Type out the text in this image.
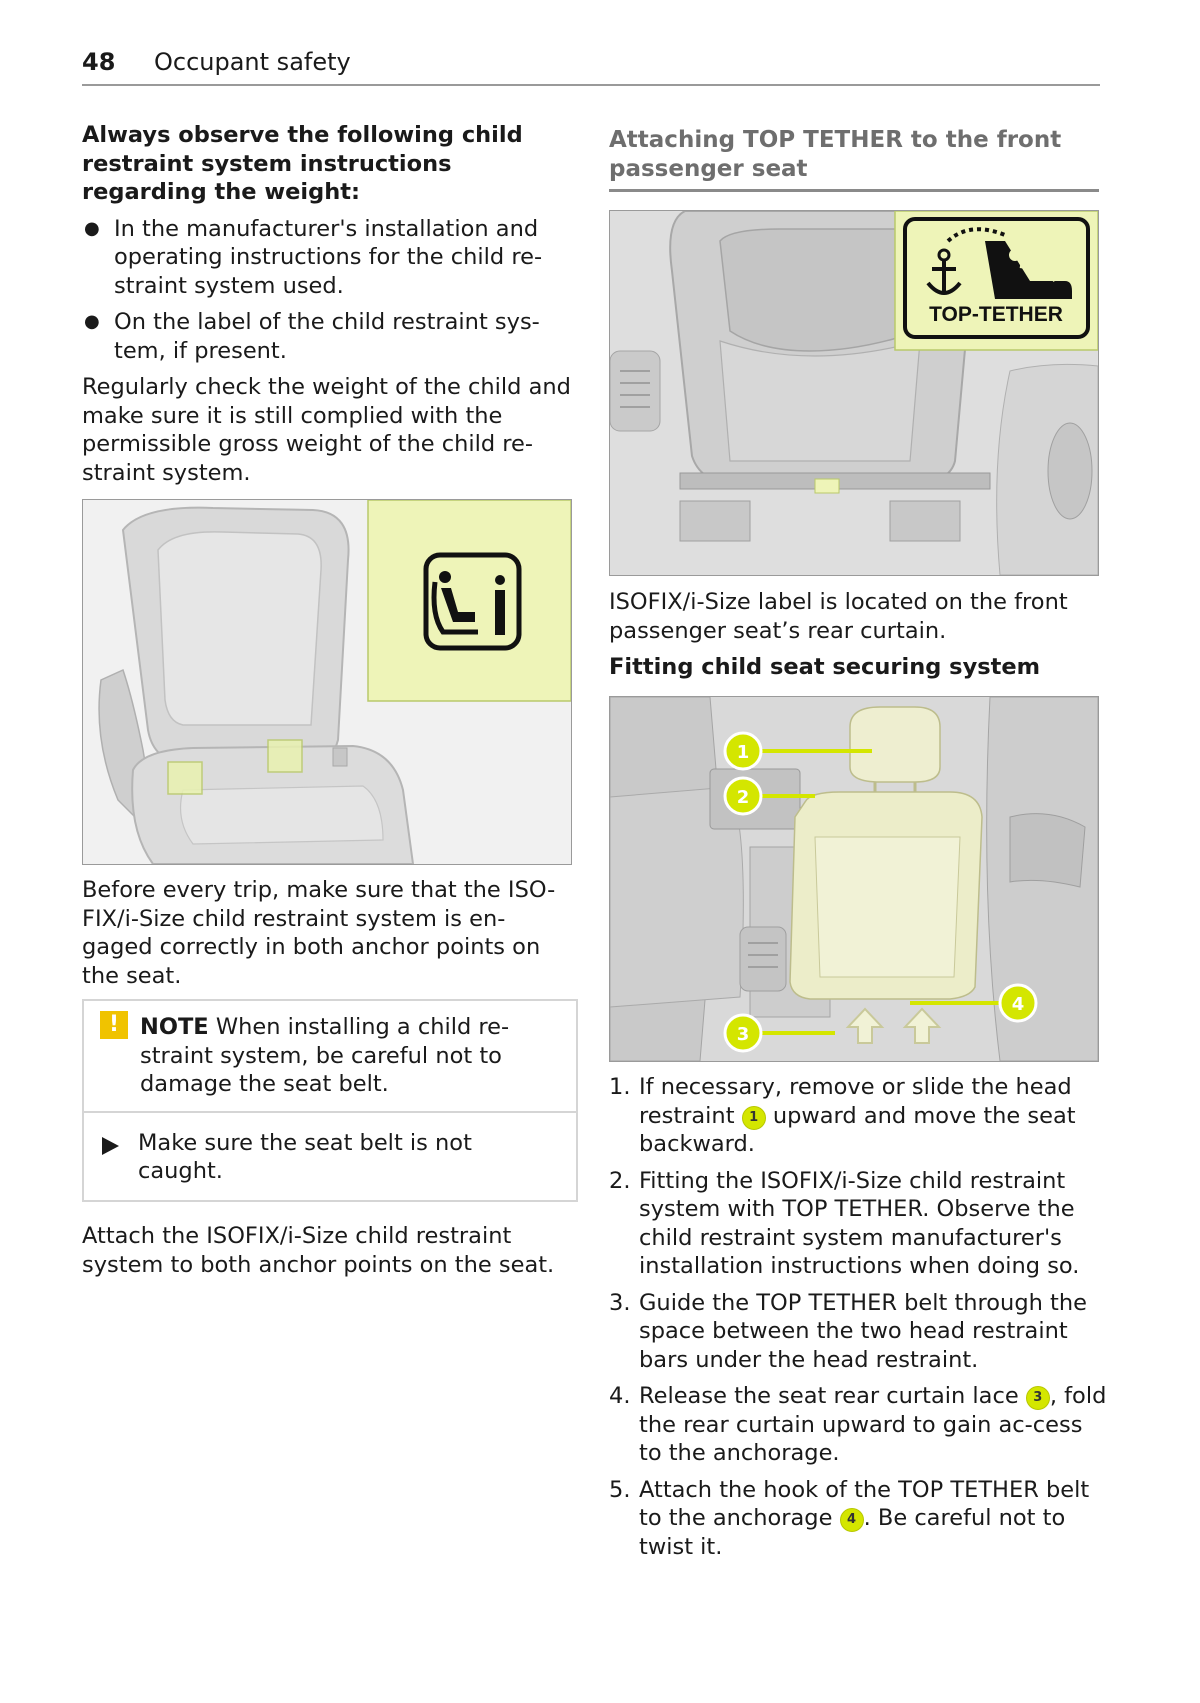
48 Occupant safety

Always observe the following child restraint system instructions regarding the weight:

● In the manufacturer's installation and operating instructions for the child re-straint system used.

● On the label of the child restraint sys-tem, if present.

Regularly check the weight of the child and make sure it is still complied with the permissible gross weight of the child re-straint system.

Before every trip, make sure that the ISO-FIX/i-Size child restraint system is en-gaged correctly in both anchor points on the seat.

! NOTE When installing a child re-straint system, be careful not to damage the seat belt.
Make sure the seat belt is not caught.

Attach the ISOFIX/i-Size child restraint system to both anchor points on the seat.

Attaching TOP TETHER to the front passenger seat
TOP-TETHER

ISOFIX/i-Size label is located on the front passenger seat’s rear curtain.

Fitting child seat securing system

1
2
3
4
1. If necessary, remove or slide the head restraint 1 upward and move the seat backward.
2. Fitting the ISOFIX/i-Size child restraint system with TOP TETHER. Observe the child restraint system manufacturer's installation instructions when doing so.
3. Guide the TOP TETHER belt through the space between the two head restraint bars under the head restraint.
4. Release the seat rear curtain lace 3 , fold the rear curtain upward to gain ac-cess to the anchorage.
5. Attach the hook of the TOP TETHER belt to the anchorage 4 . Be careful not to twist it.
